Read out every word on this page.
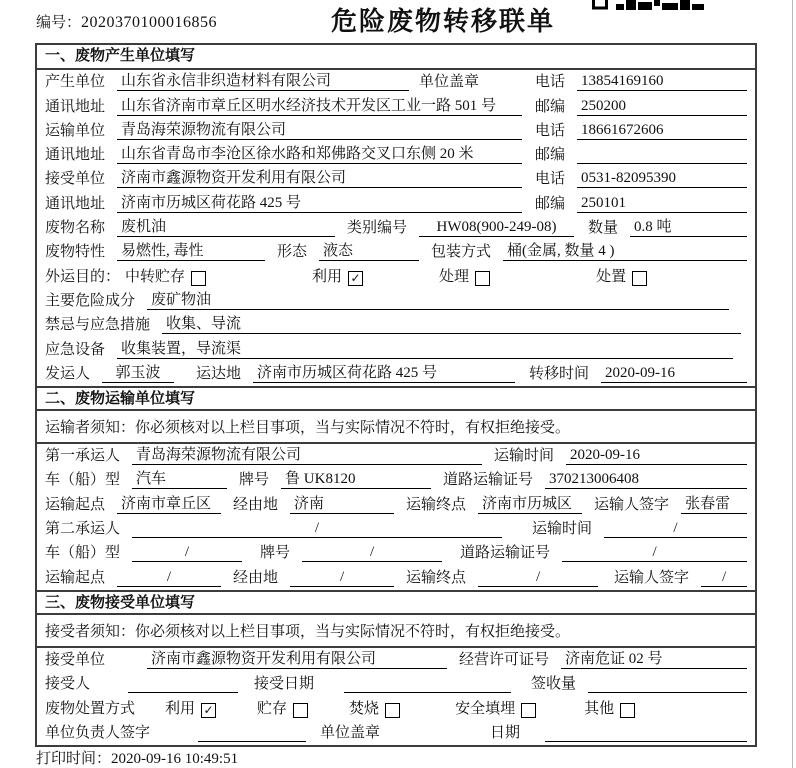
编号：2020370100016856	危险废物转移联单
一、废物产生单位填写
产生单位 山东省永信非织造材料有限公司	单位盖章	电话 13854169160
通讯地址 山东省济南市章丘区明水经济技术开发区工业一路 501 号	邮编 250200
运输单位 青岛海荣源物流有限公司	电话 18661672606
通讯地址 山东省青岛市李沧区徐水路和郑佛路交叉口东侧 20 米	邮编
接受单位 济南市鑫源物资开发利用有限公司	电话 0531-82095390
通讯地址 济南市历城区荷花路 425 号	邮编 250101
废物名称 废机油	类别编号	HW08(900-249-08)	数量 0.8 吨
废物特性 易燃性, 毒性	形态 液态	包装方式 桶(金属, 数量 4 )
外运目的： 中转贮存	利用 ✓	处理	处置
主要危险成分 废矿物油
禁忌与应急措施 收集、导流
应急设备 收集装置，导流渠
发运人	郭玉波	运达地 济南市历城区荷花路 425 号	转移时间 2020-09-16
二、废物运输单位填写
运输者须知：你必须核对以上栏目事项，当与实际情况不符时，有权拒绝接受。
第一承运人 青岛海荣源物流有限公司	运输时间 2020-09-16
车（船）型 汽车	牌号 鲁 UK8120	道路运输证号 370213006408
运输起点 济南市章丘区	经由地 济南	运输终点 济南市历城区	运输人签字 张春雷
第二承运人	/	运输时间	/
车（船）型	/	牌号	/	道路运输证号	/
运输起点	/	经由地	/	运输终点	/	运输人签字	/
三、废物接受单位填写
接受者须知：你必须核对以上栏目事项，当与实际情况不符时，有权拒绝接受。
接受单位	济南市鑫源物资开发利用有限公司	经营许可证号 济南危证 02 号
接受人	接受日期	签收量
废物处置方式 利用 ✓	贮存	焚烧	安全填埋	其他
单位负责人签字	单位盖章	日期
打印时间：2020-09-16 10:49:51
